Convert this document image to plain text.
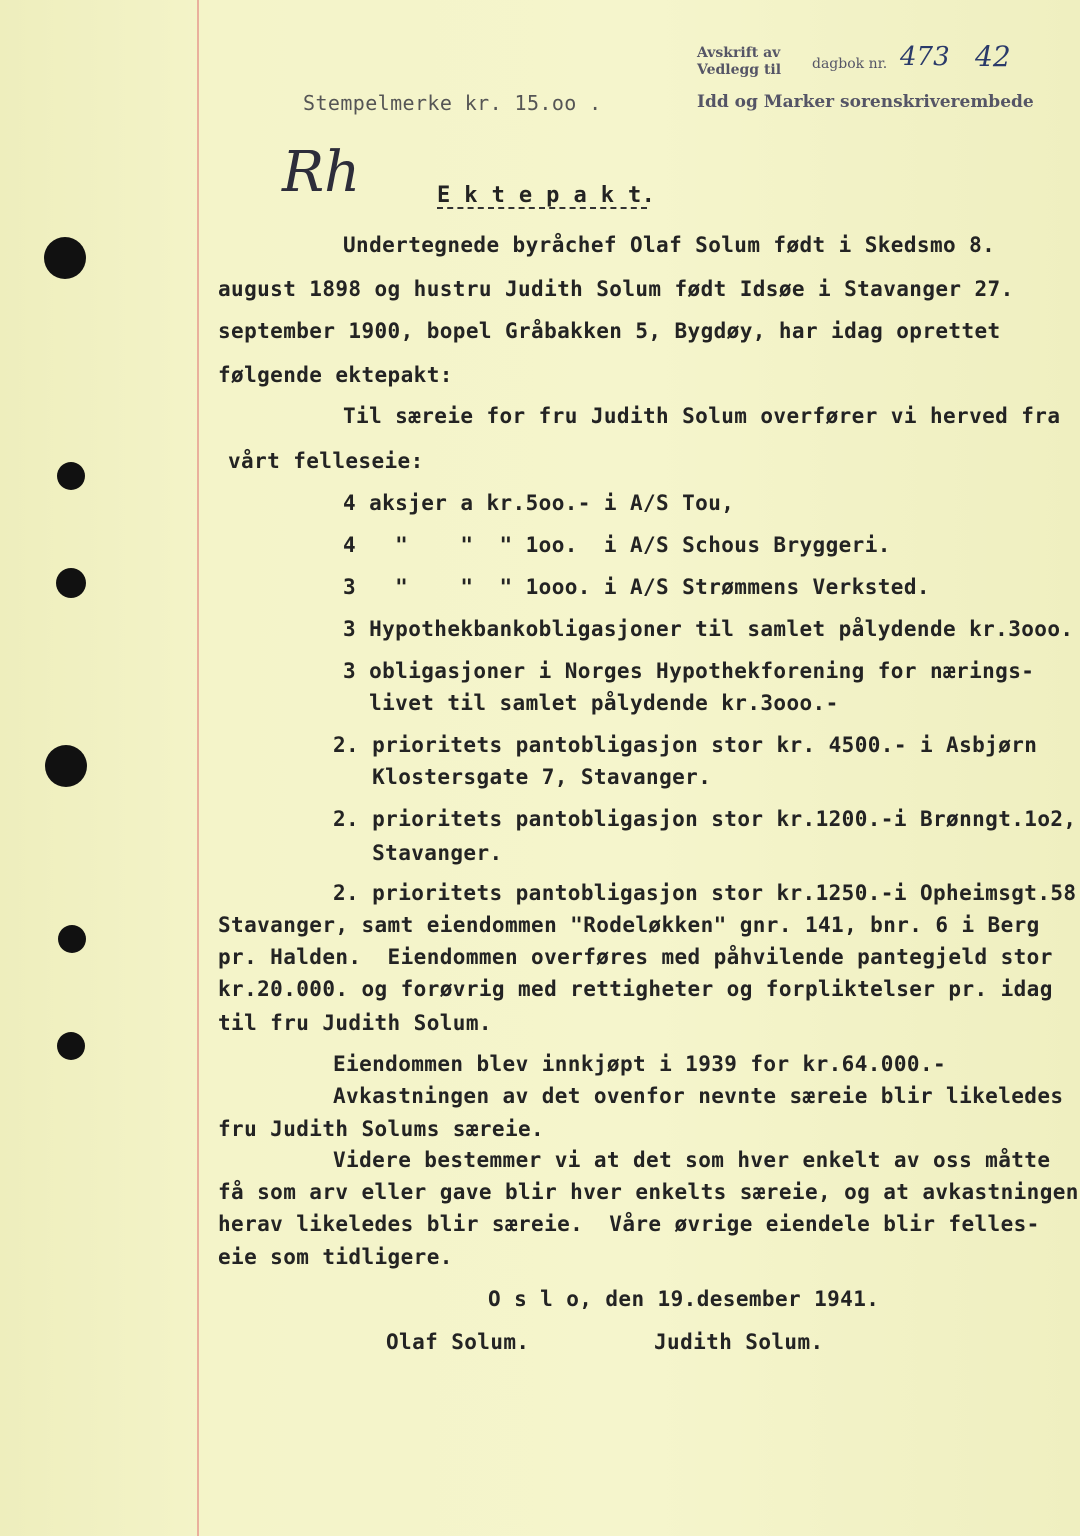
Avskrift av
Vedlegg til dagbok nr. 473 42
Idd og Marker sorenskriverembede
Stempelmerke kr. 15.oo .
Rh	E k t e p a k t.
Undertegnede byråchef Olaf Solum født i Skedsmo 8.
august 1898 og hustru Judith Solum født Idsøe i Stavanger 27.
september 1900, bopel Gråbakken 5, Bygdøy, har idag oprettet
følgende ektepakt:
Til særeie for fru Judith Solum overfører vi herved fra
vårt felleseie:
4 aksjer a kr.5oo.- i A/S Tou,
4   "    "  " 1oo.  i A/S Schous Bryggeri.
3   "    "  " 1ooo. i A/S Strømmens Verksted.
3 Hypothekbankobligasjoner til samlet pålydende kr.3ooo.
3 obligasjoner i Norges Hypothekforening for nærings-
livet til samlet pålydende kr.3ooo.-
2. prioritets pantobligasjon stor kr. 4500.- i Asbjørn
Klostersgate 7, Stavanger.
2. prioritets pantobligasjon stor kr.1200.-i Brønngt.1o2,
Stavanger.
2. prioritets pantobligasjon stor kr.1250.-i Opheimsgt.58
Stavanger, samt eiendommen "Rodeløkken" gnr. 141, bnr. 6 i Berg
pr. Halden.  Eiendommen overføres med påhvilende pantegjeld stor
kr.20.000. og forøvrig med rettigheter og forpliktelser pr. idag
til fru Judith Solum.
Eiendommen blev innkjøpt i 1939 for kr.64.000.-
Avkastningen av det ovenfor nevnte særeie blir likeledes
fru Judith Solums særeie.
Videre bestemmer vi at det som hver enkelt av oss måtte
få som arv eller gave blir hver enkelts særeie, og at avkastningen
herav likeledes blir særeie.  Våre øvrige eiendele blir felles-
eie som tidligere.
O s l o, den 19.desember 1941.
Olaf Solum.	Judith Solum.
